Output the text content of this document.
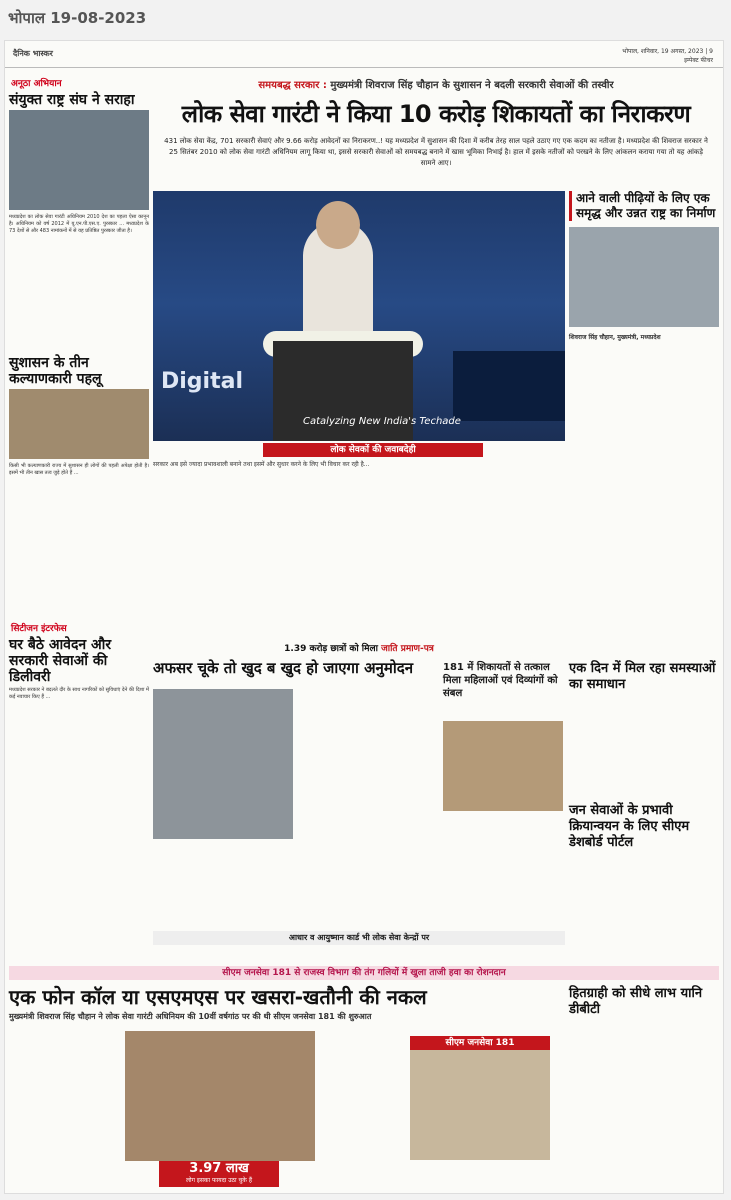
भोपाल 19-08-2023
दैनिक भास्कर	भोपाल, शनिवार, 19 अगस्त, 2023 | 9
इम्पेक्ट फीचर
अनूठा अभियान
संयुक्त राष्ट्र संघ ने सराहा
मध्यप्रदेश का लोक सेवा गारंटी अधिनियम 2010 देश का पहला ऐसा कानून है। अधिनियम को वर्ष 2012 में यू.एन.पी.एस.ए. पुरस्कार ... मध्यप्रदेश के 73 देशों से और 483 नामांकनों में से यह प्रतिष्ठित पुरस्कार जीता है।
सुशासन के तीन कल्याणकारी पहलू
किसी भी कल्याणकारी राज्य में सुशासन ही लोगों की पहली अपेक्षा होती है। इसमें भी तीन खास तत्व जुड़े होते हैं ...
सिटीजन इंटरफेस
घर बैठे आवेदन और सरकारी सेवाओं की डिलीवरी
मध्यप्रदेश सरकार ने बदलते दौर के साथ नागरिकों को सुविधाएं देने की दिशा में कई नवाचार किए हैं ...
समयबद्ध सरकार : मुख्यमंत्री शिवराज सिंह चौहान के सुशासन ने बदली सरकारी सेवाओं की तस्वीर
लोक सेवा गारंटी ने किया 10 करोड़ शिकायतों का निराकरण
431 लोक सेवा केंद्र, 701 सरकारी सेवाएं और 9.66 करोड़ आवेदनों का निराकरण..! यह मध्यप्रदेश में सुशासन की दिशा में करीब तेरह साल पहले उठाए गए एक कदम का नतीजा है। मध्यप्रदेश की शिवराज सरकार ने 25 सितंबर 2010 को लोक सेवा गारंटी अधिनियम लागू किया था, इससे सरकारी सेवाओं को समयबद्ध बनाने में खास भूमिका निभाई है। हाल में इसके नतीजों को परखने के लिए आंकलन कराया गया तो यह आंकड़े सामने आए।
Digital
Catalyzing New India's Techade
आने वाली पीढ़ियों के लिए एक समृद्ध और उन्नत राष्ट्र का निर्माण
शिवराज सिंह चौहान, मुख्यमंत्री, मध्यप्रदेश
लोक सेवकों की जवाबदेही
सरकार अब इसे ज्यादा प्रभावशाली बनाने तथा इसमें और सुधार करने के लिए भी विचार कर रही है...
1.39 करोड़ छात्रों को मिला जाति प्रमाण-पत्र
अफसर चूके तो खुद ब खुद हो जाएगा अनुमोदन	181 में शिकायतों से तत्काल मिला महिलाओं एवं दिव्यांगों को संबल
आधार व आयुष्मान कार्ड भी लोक सेवा केन्द्रों पर
एक दिन में मिल रहा समस्याओं का समाधान
जन सेवाओं के प्रभावी क्रियान्वयन के लिए सीएम डेशबोर्ड पोर्टल
सीएम जनसेवा 181 से राजस्व विभाग की तंग गलियों में खुला ताजी हवा का रोशनदान
एक फोन कॉल या एसएमएस पर खसरा-खतौनी की नकल
मुख्यमंत्री शिवराज सिंह चौहान ने लोक सेवा गारंटी अधिनियम की 10वीं वर्षगांठ पर की थी सीएम जनसेवा 181 की शुरुआत
3.97 लाख
लोग इसका फायदा उठा चुके हैं
सीएम जनसेवा 181
हितग्राही को सीधे लाभ यानि डीबीटी
